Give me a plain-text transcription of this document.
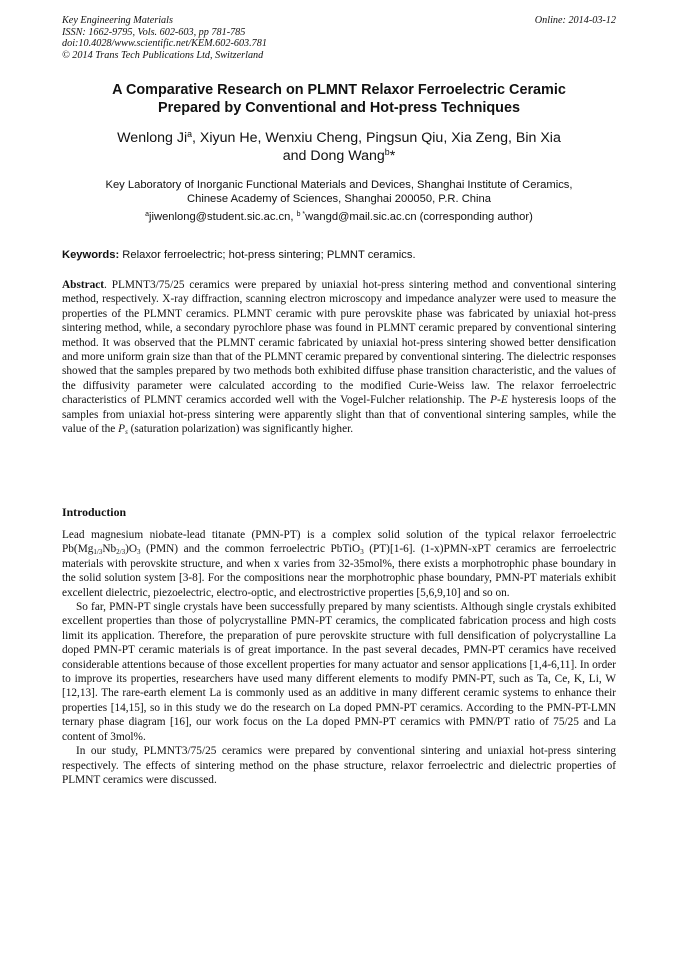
Key Engineering Materials
ISSN: 1662-9795, Vols. 602-603, pp 781-785
doi:10.4028/www.scientific.net/KEM.602-603.781
© 2014 Trans Tech Publications Ltd, Switzerland
Online: 2014-03-12
A Comparative Research on PLMNT Relaxor Ferroelectric Ceramic
Prepared by Conventional and Hot-press Techniques
Wenlong Ji$^a$, Xiyun He, Wenxiu Cheng, Pingsun Qiu, Xia Zeng, Bin Xia
and Dong Wang$^b$*
Key Laboratory of Inorganic Functional Materials and Devices, Shanghai Institute of Ceramics,
Chinese Academy of Sciences, Shanghai 200050, P.R. China
$^a$jiwenlong@student.sic.ac.cn, $^{b *}$wangd@mail.sic.ac.cn (corresponding author)
Keywords: Relaxor ferroelectric; hot-press sintering; PLMNT ceramics.
Abstract. PLMNT3/75/25 ceramics were prepared by uniaxial hot-press sintering method and conventional sintering method, respectively. X-ray diffraction, scanning electron microscopy and impedance analyzer were used to measure the properties of the PLMNT ceramics. PLMNT ceramic with pure perovskite phase was fabricated by uniaxial hot-press sintering method, while, a secondary pyrochlore phase was found in PLMNT ceramic prepared by conventional sintering method. It was observed that the PLMNT ceramic fabricated by uniaxial hot-press sintering showed better densification and more uniform grain size than that of the PLMNT ceramic prepared by conventional sintering. The dielectric responses showed that the samples prepared by two methods both exhibited diffuse phase transition characteristic, and the values of the diffusivity parameter were calculated according to the modified Curie-Weiss law. The relaxor ferroelectric characteristics of PLMNT ceramics accorded well with the Vogel-Fulcher relationship. The P-E hysteresis loops of the samples from uniaxial hot-press sintering were apparently slight than that of conventional sintering samples, while the value of the $P_s$ (saturation polarization) was significantly higher.
Introduction

Lead magnesium niobate-lead titanate (PMN-PT) is a complex solid solution of the typical relaxor ferroelectric $Pb(Mg_{1/3}Nb_{2/3})O_3$ (PMN) and the common ferroelectric PbTiO$_3$ (PT)[1-6]. (1-x)PMN-xPT ceramics are ferroelectric materials with perovskite structure, and when x varies from 32-35mol%, there exists a morphotrophic phase boundary in the solid solution system [3-8]. For the compositions near the morphotrophic phase boundary, PMN-PT materials exhibit excellent dielectric, piezoelectric, electro-optic, and electrostrictive properties [5,6,9,10] and so on.

So far, PMN-PT single crystals have been successfully prepared by many scientists. Although single crystals exhibited excellent properties than those of polycrystalline PMN-PT ceramics, the complicated fabrication process and high costs limit its application. Therefore, the preparation of pure perovskite structure with full densification of polycrystalline La doped PMN-PT ceramic materials is of great importance. In the past several decades, PMN-PT ceramics have received considerable attentions because of those excellent properties for many actuator and sensor applications [1,4-6,11]. In order to improve its properties, researchers have used many different elements to modify PMN-PT, such as Ta, Ce, K, Li, W [12,13]. The rare-earth element La is commonly used as an additive in many different ceramic systems to enhance their properties [14,15], so in this study we do the research on La doped PMN-PT ceramics. According to the PMN-PT-LMN ternary phase diagram [16], our work focus on the La doped PMN-PT ceramics with PMN/PT ratio of 75/25 and La content of 3mol%.

In our study, PLMNT3/75/25 ceramics were prepared by conventional sintering and uniaxial hot-press sintering respectively. The effects of sintering method on the phase structure, relaxor ferroelectric and dielectric properties of PLMNT ceramics were discussed.
